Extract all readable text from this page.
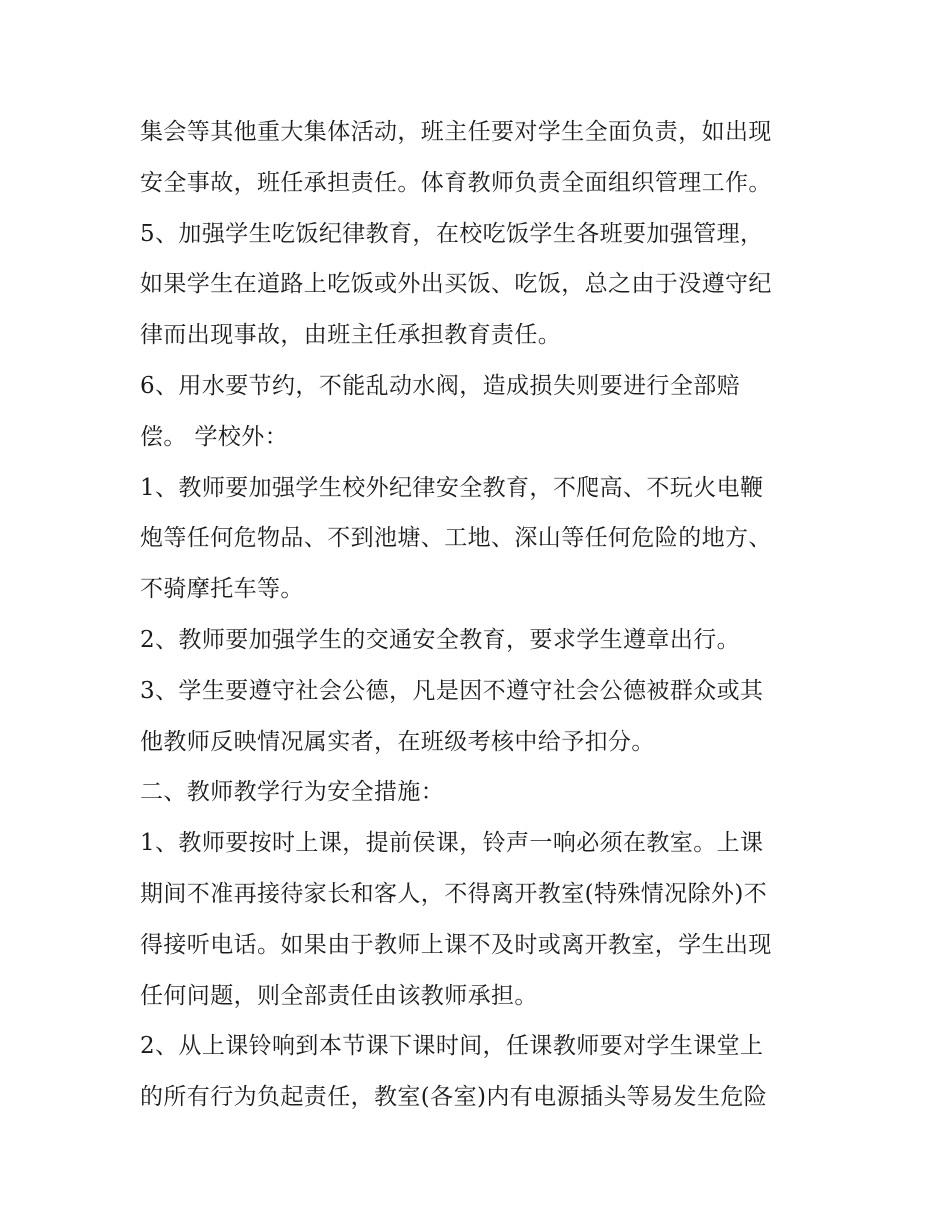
集会等其他重大集体活动，班主任要对学生全面负责，如出现
安全事故，班任承担责任。体育教师负责全面组织管理工作。
5、加强学生吃饭纪律教育，在校吃饭学生各班要加强管理，
如果学生在道路上吃饭或外出买饭、吃饭，总之由于没遵守纪
律而出现事故，由班主任承担教育责任。
6、用水要节约，不能乱动水阀，造成损失则要进行全部赔
偿。 学校外：
1、教师要加强学生校外纪律安全教育，不爬高、不玩火电鞭
炮等任何危物品、不到池塘、工地、深山等任何危险的地方、
不骑摩托车等。
2、教师要加强学生的交通安全教育，要求学生遵章出行。
3、学生要遵守社会公德，凡是因不遵守社会公德被群众或其
他教师反映情况属实者，在班级考核中给予扣分。
二、教师教学行为安全措施：
1、教师要按时上课，提前侯课，铃声一响必须在教室。上课
期间不准再接待家长和客人，不得离开教室(特殊情况除外)不
得接听电话。如果由于教师上课不及时或离开教室，学生出现
任何问题，则全部责任由该教师承担。
2、从上课铃响到本节课下课时间，任课教师要对学生课堂上
的所有行为负起责任，教室(各室)内有电源插头等易发生危险
